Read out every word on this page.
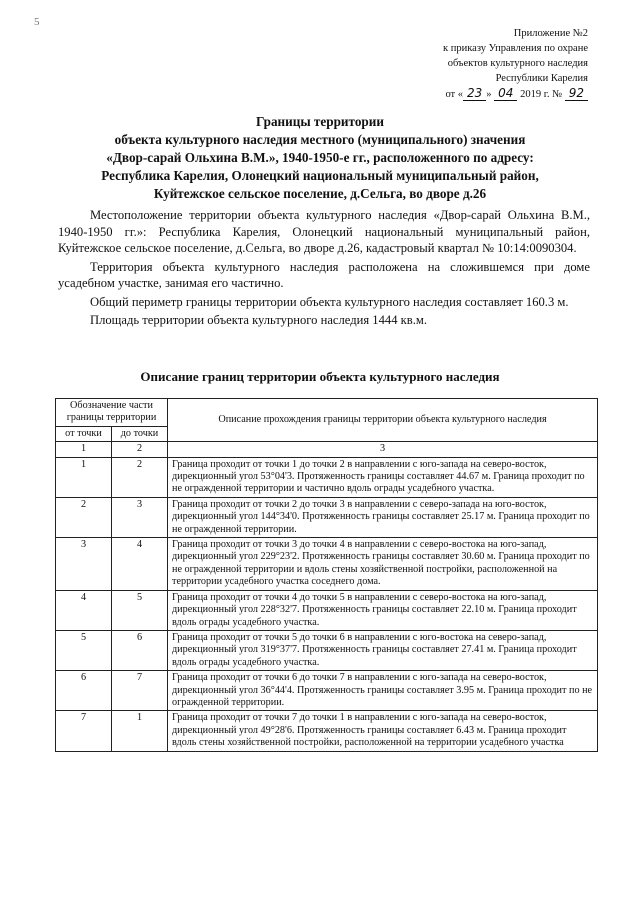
5
Приложение №2
к приказу Управления по охране
объектов культурного наследия
Республики Карелия
от « 23 » 04 2019 г. № 92
Границы территории
объекта культурного наследия местного (муниципального) значения
«Двор-сарай Ольхина В.М.», 1940-1950-е гг., расположенного по адресу:
Республика Карелия, Олонецкий национальный муниципальный район,
Куйтежское сельское поселение, д.Сельга, во дворе д.26

Местоположение территории объекта культурного наследия «Двор-сарай Ольхина В.М., 1940-1950 гг.»: Республика Карелия, Олонецкий национальный муниципальный район, Куйтежское сельское поселение, д.Сельга, во дворе д.26, кадастровый квартал № 10:14:0090304.

Территория объекта культурного наследия расположена на сложившемся при доме усадебном участке, занимая его частично.

Общий периметр границы территории объекта культурного наследия составляет 160.3 м.

Площадь территории объекта культурного наследия 1444 кв.м.

Описание границ территории объекта культурного наследия
Обозначение части границы территории		Описание прохождения границы территории объекта культурного наследия
от точки	до точки	
1	2	3
1	2	Граница проходит от точки 1 до точки 2 в направлении с юго-запада на северо-восток, дирекционный угол 53°04'3. Протяженность границы составляет 44.67 м. Граница проходит по не огражденной территории и частично вдоль ограды усадебного участка.
2	3	Граница проходит от точки 2 до точки 3 в направлении с северо-запада на юго-восток, дирекционный угол 144°34'0. Протяженность границы составляет 25.17 м. Граница проходит по не огражденной территории.
3	4	Граница проходит от точки 3 до точки 4 в направлении с северо-востока на юго-запад, дирекционный угол 229°23'2. Протяженность границы составляет 30.60 м. Граница проходит по не огражденной территории и вдоль стены хозяйственной постройки, расположенной на территории усадебного участка соседнего дома.
4	5	Граница проходит от точки 4 до точки 5 в направлении с северо-востока на юго-запад, дирекционный угол 228°32'7. Протяженность границы составляет 22.10 м. Граница проходит вдоль ограды усадебного участка.
5	6	Граница проходит от точки 5 до точки 6 в направлении с юго-востока на северо-запад, дирекционный угол 319°37'7. Протяженность границы составляет 27.41 м. Граница проходит вдоль ограды усадебного участка.
6	7	Граница проходит от точки 6 до точки 7 в направлении с юго-запада на северо-восток, дирекционный угол 36°44'4. Протяженность границы составляет 3.95 м. Граница проходит по не огражденной территории.
7	1	Граница проходит от точки 7 до точки 1 в направлении с юго-запада на северо-восток, дирекционный угол 49°28'6. Протяженность границы составляет 6.43 м. Граница проходит вдоль стены хозяйственной постройки, расположенной на территории усадебного участка
